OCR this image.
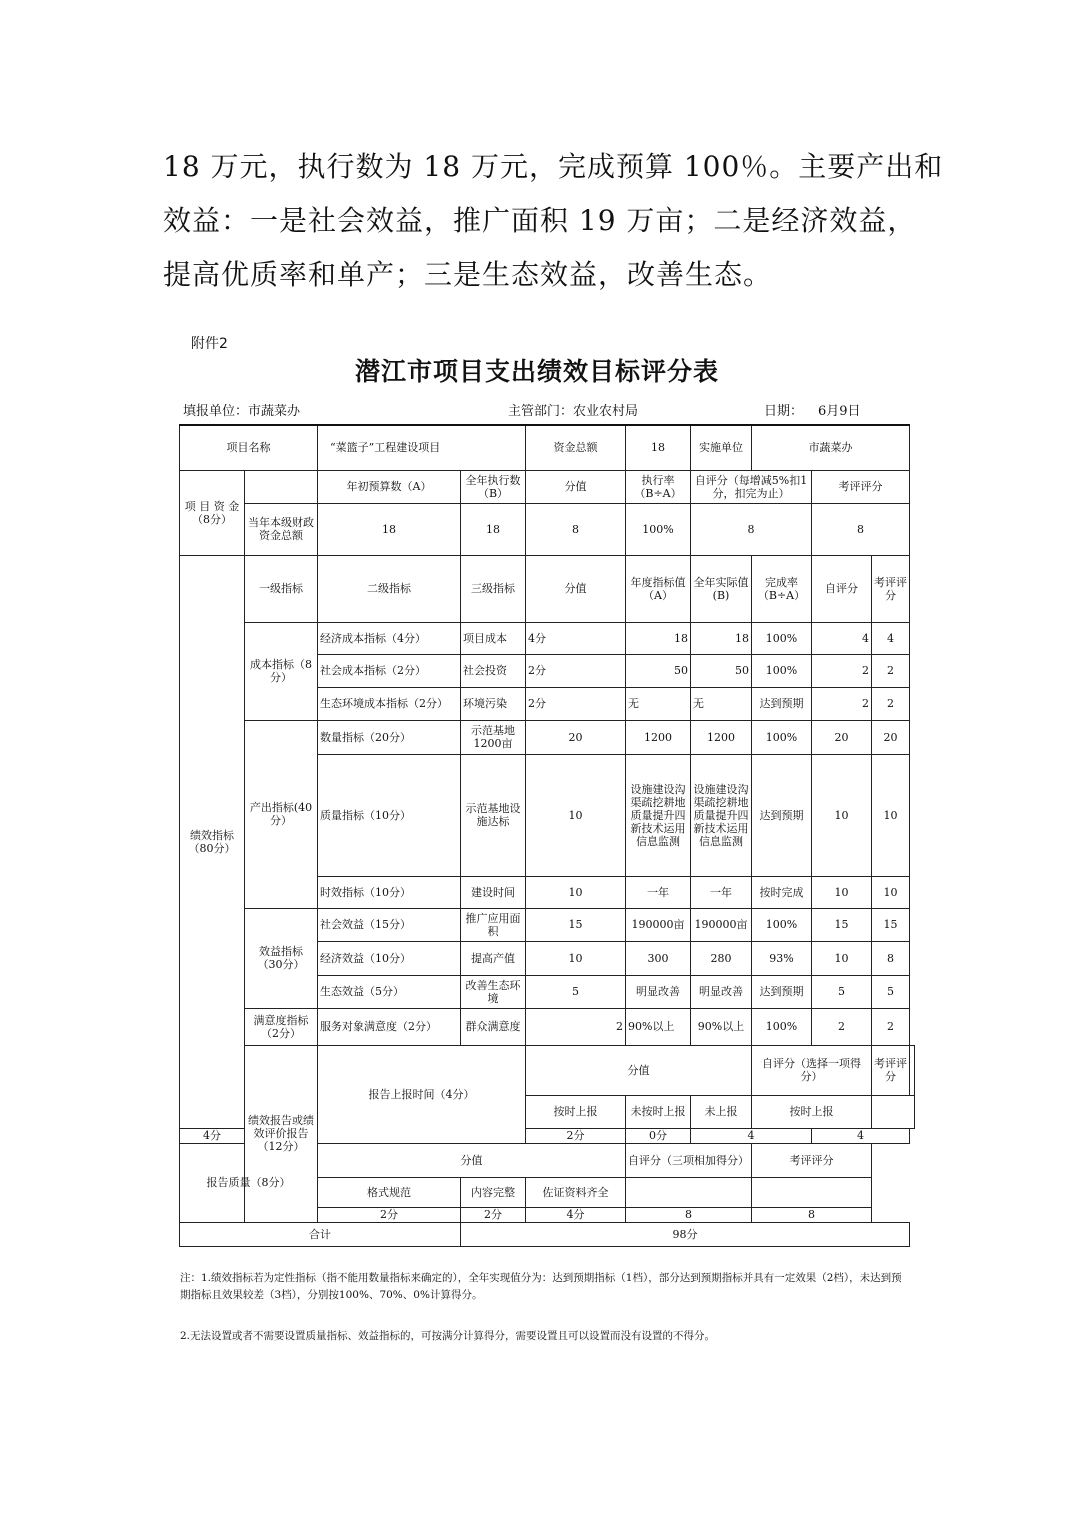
18 万元，执行数为 18 万元，完成预算 100％。主要产出和
效益：一是社会效益，推广面积 19 万亩；二是经济效益，
提高优质率和单产；三是生态效益，改善生态。
附件2
潜江市项目支出绩效目标评分表
填报单位：市蔬菜办	主管部门：农业农村局	日期： 6月9日
项目名称		“菜篮子”工程建设项目		资金总额	18	实施单位	市蔬菜办			
项 目 资 金（8分）		年初预算数（A）	全年执行数（B）	分值	执行率（B÷A）	自评分（每增减5%扣1分，扣完为止）		考评评分		
	当年本级财政资金总额	18	18	8	100%	8		8		
绩效指标（80分）	一级指标	二级指标	三级指标	分值	年度指标值（A）	全年实际值(B)	完成率（B÷A）	自评分	考评评分	
	成本指标（8分）	经济成本指标（4分）	项目成本	4分	18	18	100%	4	4	
		社会成本指标（2分）	社会投资	2分	50	50	100%	2	2	
		生态环境成本指标（2分）	环境污染	2分	无	无	达到预期	2	2	
	产出指标(40分）	数量指标（20分）	示范基地1200亩	20	1200	1200	100%	20	20	
		质量指标（10分）	示范基地设施达标	10	设施建设沟渠疏挖耕地质量提升四新技术运用信息监测	设施建设沟渠疏挖耕地质量提升四新技术运用信息监测	达到预期	10	10	
		时效指标（10分）	建设时间	10	一年	一年	按时完成	10	10	
	效益指标（30分）	社会效益（15分）	推广应用面积	15	190000亩	190000亩	100%	15	15	
		经济效益（10分）	提高产值	10	300	280	93%	10	8	
		生态效益（5分）	改善生态环境	5	明显改善	明显改善	达到预期	5	5	
	满意度指标（2分）	服务对象满意度（2分）	群众满意度	2	90%以上	90%以上	100%	2	2	
	绩效报告或绩效评价报告（12分）	报告上报时间（4分）		分值			自评分（选择一项得分）		考评评分	
				按时上报	未按时上报	未上报	按时上报			
4分				2分	0分	4		4		
报告质量（8分）		分值			自评分（三项相加得分）		考评评分			
		格式规范	内容完整	佐证资料齐全						
		2分	2分	4分	8		8			
合计			98分							
注：1.绩效指标若为定性指标（指不能用数量指标来确定的），全年实现值分为：达到预期指标（1档），部分达到预期指标并具有一定效果（2档），未达到预期指标且效果较差（3档），分别按100%、70%、0%计算得分。
2.无法设置或者不需要设置质量指标、效益指标的，可按满分计算得分，需要设置且可以设置而没有设置的不得分。
